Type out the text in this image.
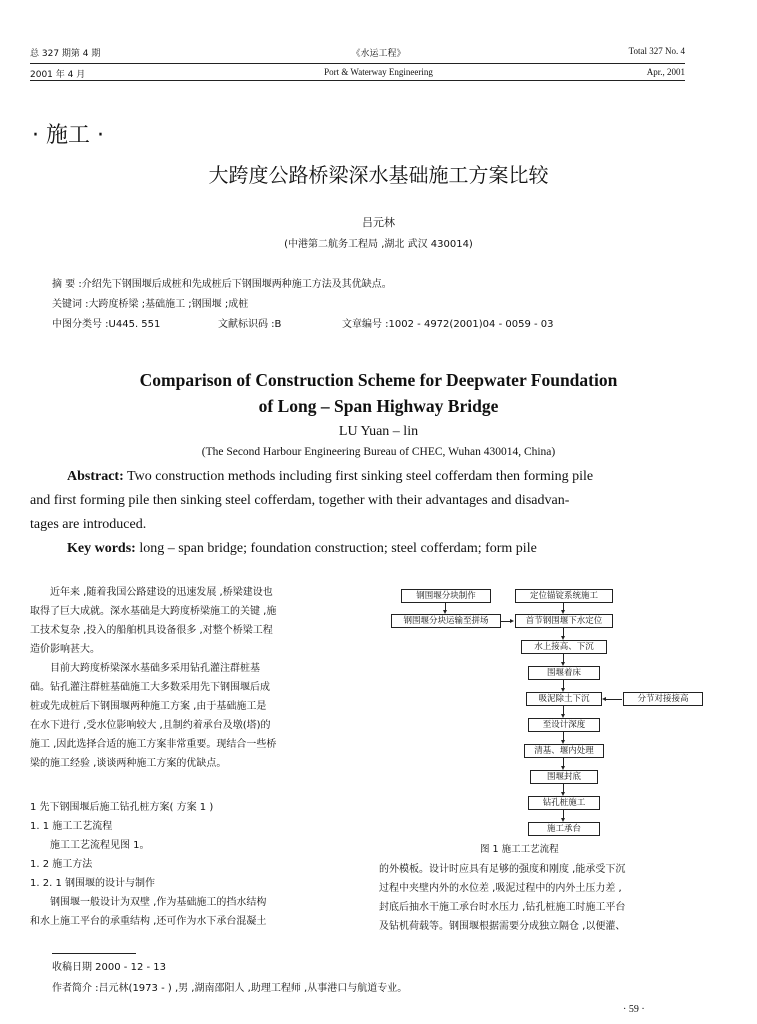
总 327 期第 4 期
2001 年 4 月
《水运工程》
Port & Waterway Engineering
Total 327 No. 4
Apr., 2001
· 施工 ·
大跨度公路桥梁深水基础施工方案比较
吕元林
(中港第二航务工程局 ,湖北 武汉 430014)
摘 要 :介绍先下钢围堰后成桩和先成桩后下钢围堰两种施工方法及其优缺点。
关键词 :大跨度桥梁 ;基础施工 ;钢围堰 ;成桩
中图分类号 :U445. 551	文献标识码 :B	文章编号 :1002 - 4972(2001)04 - 0059 - 03
Comparison of Construction Scheme for Deepwater Foundation
of Long – Span Highway Bridge
LU Yuan – lin
(The Second Harbour Engineering Bureau of CHEC, Wuhan 430014, China)
Abstract: Two construction methods including first sinking steel cofferdam then forming pile
and first forming pile then sinking steel cofferdam, together with their advantages and disadvan-
tages are introduced.
Key words: long – span bridge; foundation construction; steel cofferdam; form pile

近年来 ,随着我国公路建设的迅速发展 ,桥梁建设也

取得了巨大成就。深水基础是大跨度桥梁施工的关键 ,施

工技术复杂 ,投入的船舶机具设备很多 ,对整个桥梁工程

造价影响甚大。

目前大跨度桥梁深水基础多采用钻孔灌注群桩基

础。钻孔灌注群桩基础施工大多数采用先下钢围堰后成

桩或先成桩后下钢围堰两种施工方案 ,由于基础施工是

在水下进行 ,受水位影响较大 ,且制约着承台及墩(塔)的

施工 ,因此选择合适的施工方案非常重要。现结合一些桥

梁的施工经验 ,谈谈两种施工方案的优缺点。

1 先下钢围堰后施工钻孔桩方案( 方案 1 )

1. 1 施工工艺流程

施工工艺流程见图 1。

1. 2 施工方法

1. 2. 1 钢围堰的设计与制作

钢围堰一般设计为双壁 ,作为基础施工的挡水结构

和水上施工平台的承重结构 ,还可作为水下承台混凝土

钢围堰分块制作	定位锚锭系统施工
钢围堰分块运输至拼场	首节钢围堰下水定位
水上接高、下沉
围堰着床
吸泥除土下沉	分节对接接高
至设计深度
清基、堰内处理
围堰封底
钻孔桩施工
施工承台
图 1 施工工艺流程

的外模板。设计时应具有足够的强度和刚度 ,能承受下沉

过程中夹壁内外的水位差 ,吸泥过程中的内外土压力差 ,

封底后抽水干施工承台时水压力 ,钻孔桩施工时施工平台

及钻机荷载等。钢围堰根据需要分成独立隔仓 ,以便灌、

收稿日期 2000 - 12 - 13
作者简介 :吕元林(1973 - ) ,男 ,湖南邵阳人 ,助理工程师 ,从事港口与航道专业。
· 59 ·
